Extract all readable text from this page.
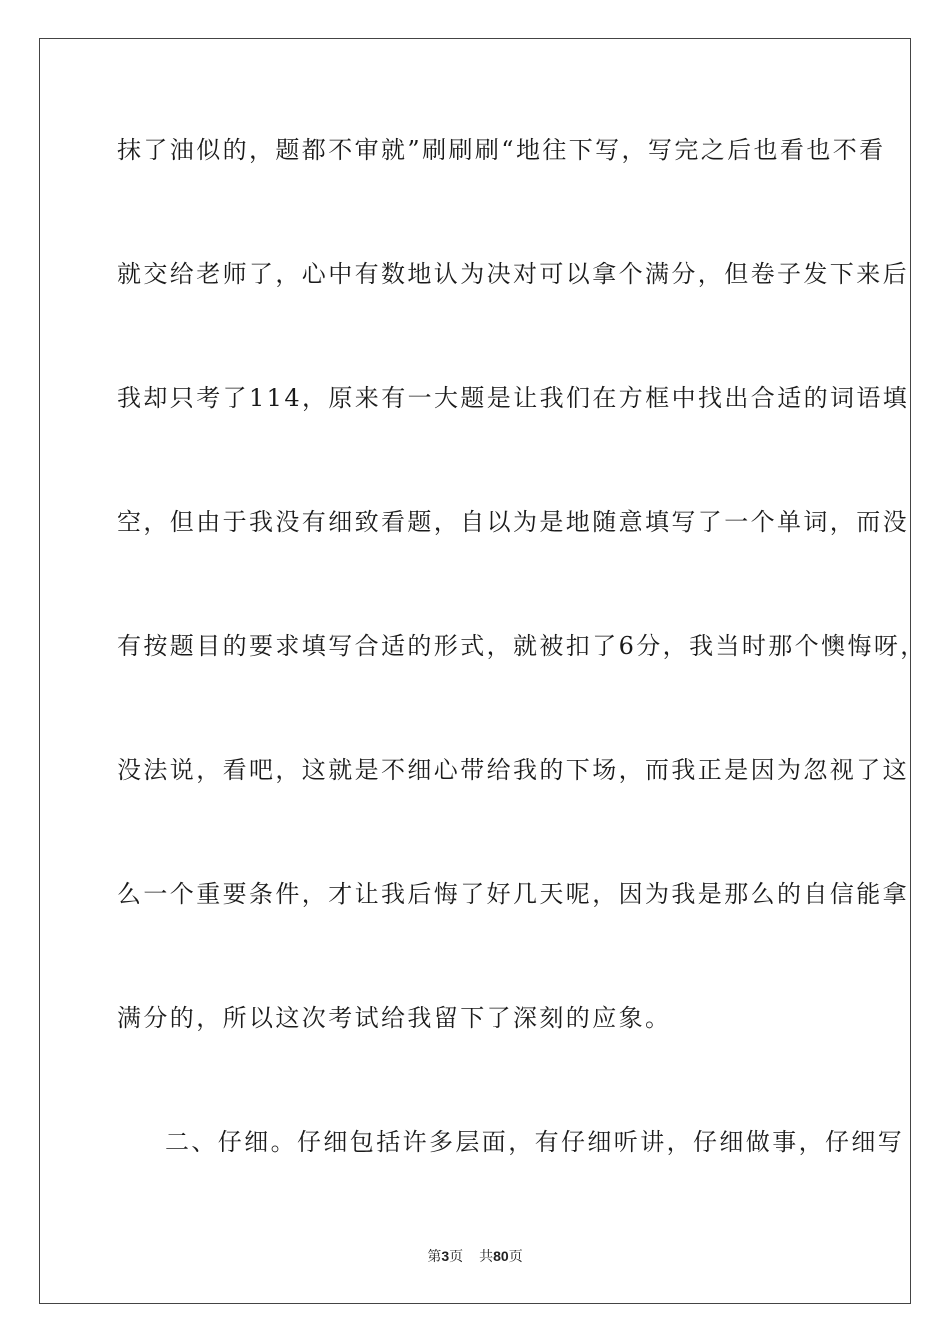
抹了油似的，题都不审就”刷刷刷“地往下写，写完之后也看也不看
就交给老师了，心中有数地认为决对可以拿个满分，但卷子发下来后
我却只考了114，原来有一大题是让我们在方框中找出合适的词语填
空，但由于我没有细致看题，自以为是地随意填写了一个单词，而没
有按题目的要求填写合适的形式，就被扣了6分，我当时那个懊悔呀，
没法说，看吧，这就是不细心带给我的下场，而我正是因为忽视了这
么一个重要条件，才让我后悔了好几天呢，因为我是那么的自信能拿
满分的，所以这次考试给我留下了深刻的应象。
二、仔细。仔细包括许多层面，有仔细听讲，仔细做事，仔细写
第3页 共80页
